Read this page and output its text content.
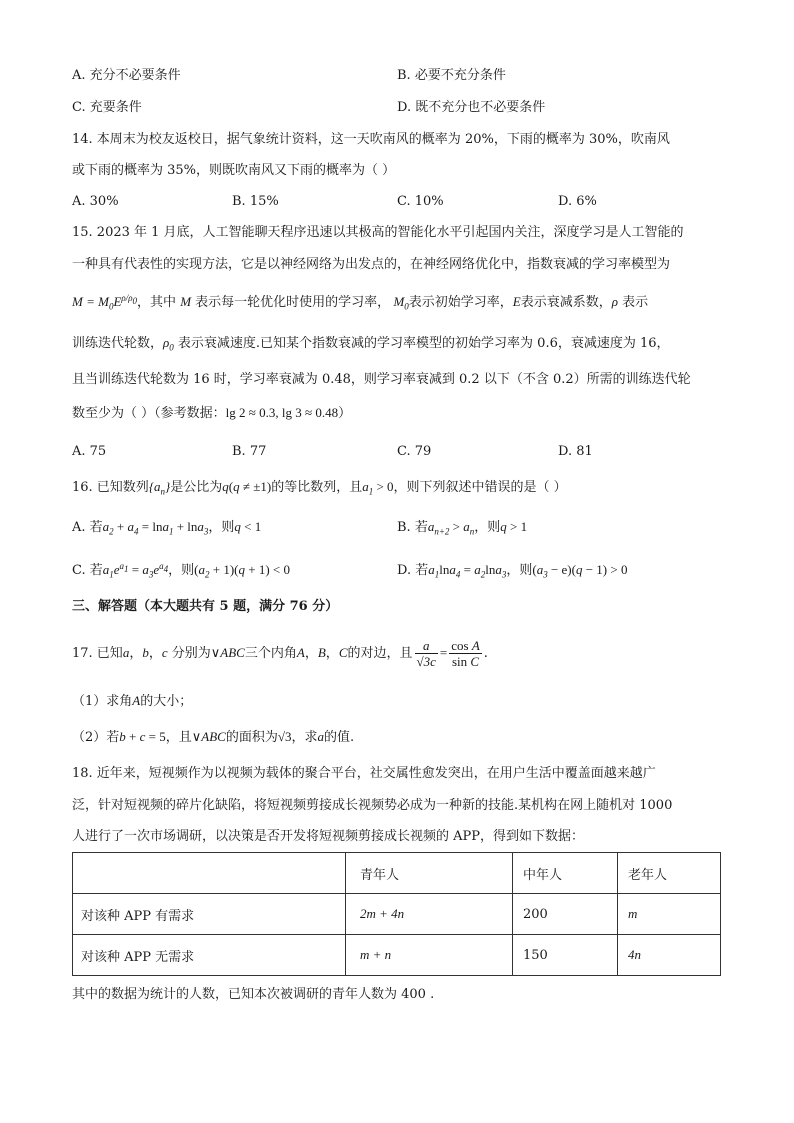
A. 充分不必要条件	B. 必要不充分条件
C. 充要条件	D. 既不充分也不必要条件
14. 本周末为校友返校日，据气象统计资料，这一天吹南风的概率为 20%，下雨的概率为 30%，吹南风
或下雨的概率为 35%，则既吹南风又下雨的概率为（ ）
A. 30%	B. 15%	C. 10%	D. 6%
15. 2023 年 1 月底，人工智能聊天程序迅速以其极高的智能化水平引起国内关注，深度学习是人工智能的
一种具有代表性的实现方法，它是以神经网络为出发点的，在神经网络优化中，指数衰减的学习率模型为
$M = M_0E^{\rho/\rho_0}$，其中 M 表示每一轮优化时使用的学习率， $M_0$表示初始学习率，E表示衰减系数，ρ 表示
训练迭代轮数，$\rho_0$ 表示衰减速度.已知某个指数衰减的学习率模型的初始学习率为 0.6，衰减速度为 16，
且当训练迭代轮数为 16 时，学习率衰减为 0.48，则学习率衰减到 0.2 以下（不含 0.2）所需的训练迭代轮
数至少为（ ）（参考数据：lg 2 ≈ 0.3, lg 3 ≈ 0.48）
A. 75	B. 77	C. 79	D. 81
16. 已知数列$\{a_n\}$是公比为q(q ≠ ±1)的等比数列，且$a_1 > 0$，则下列叙述中错误的是（ ）
A. 若$a_2 + a_4 = \ln a_1 + \ln a_3$，则q < 1	B. 若$a_{n+2} > a_n$，则q > 1
C. 若$a_1e^{a_1} = a_3e^{a_4}$，则$(a_2 + 1)(q + 1) < 0$	D. 若$a_1\ln a_4 = a_2\ln a_3$，则$(a_3 - e)(q - 1) > 0$
三、解答题（本大题共有 5 题，满分 76 分）
17. 已知a，b，c 分别为∨ABC三个内角A，B，C的对边，且 $\frac{a}{√3c} = \frac{\text{cos A}}{\text{sin C}}$ .
（1）求角A的大小；
（2）若b + c = 5，且∨ABC的面积为√3，求a的值.
18. 近年来，短视频作为以视频为载体的聚合平台，社交属性愈发突出，在用户生活中覆盖面越来越广
泛，针对短视频的碎片化缺陷，将短视频剪接成长视频势必成为一种新的技能.某机构在网上随机对 1000
人进行了一次市场调研，以决策是否开发将短视频剪接成长视频的 APP，得到如下数据：
	青年人	中年人	老年人
对该种 APP 有需求	2m + 4n	200	m
对该种 APP 无需求	m + n	150	4n
其中的数据为统计的人数，已知本次被调研的青年人数为 400 .
